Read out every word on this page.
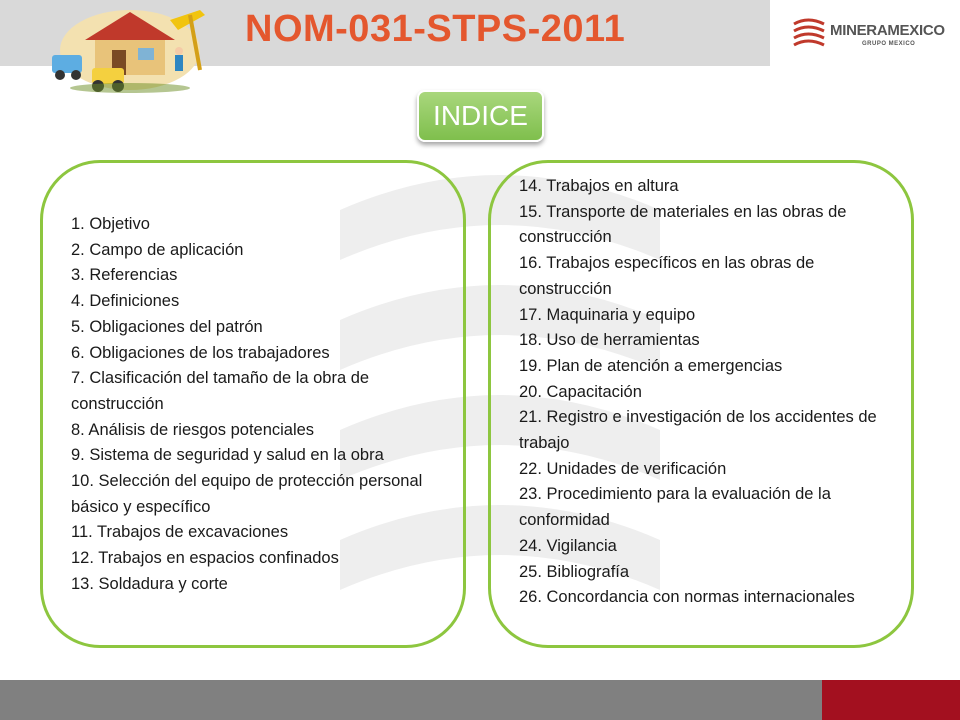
NOM-031-STPS-2011	MINERAMEXICO
GRUPO MEXICO
INDICE
1. Objetivo
2. Campo de aplicación
3. Referencias
4. Definiciones
5. Obligaciones del patrón
6. Obligaciones de los trabajadores
7. Clasificación del tamaño de la obra de construcción
8. Análisis de riesgos potenciales
9. Sistema de seguridad y salud en la obra
10. Selección del equipo de protección personal básico y específico
11. Trabajos de excavaciones
12. Trabajos en espacios confinados
13. Soldadura y corte
14. Trabajos en altura
15. Transporte de materiales en las obras de construcción
16. Trabajos específicos en las obras de construcción
17. Maquinaria y equipo
18. Uso de herramientas
19. Plan de atención a emergencias
20. Capacitación
21. Registro e investigación de los accidentes de trabajo
22. Unidades de verificación
23. Procedimiento para la evaluación de la conformidad
24. Vigilancia
25. Bibliografía
26. Concordancia con normas internacionales
